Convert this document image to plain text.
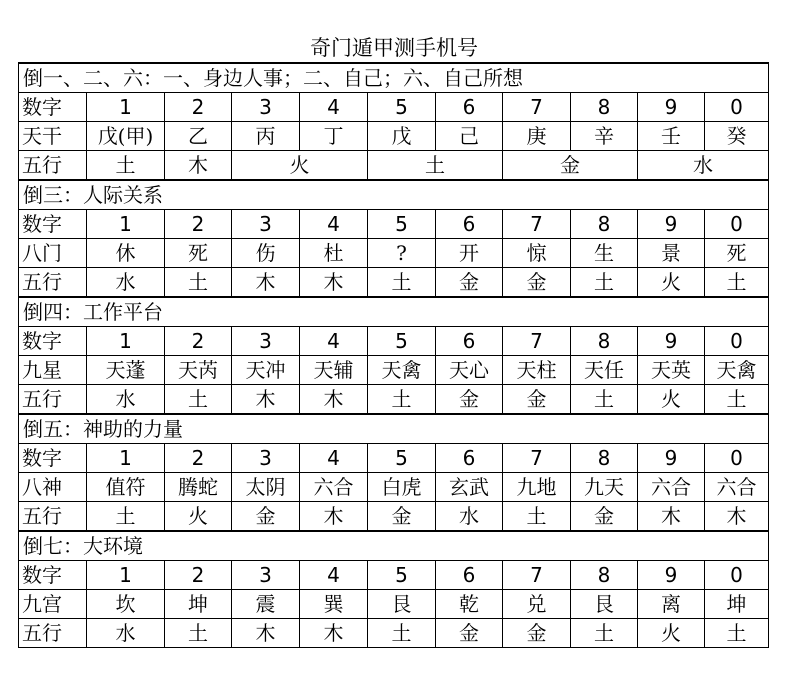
奇门遁甲测手机号
倒一、二、六：一、身边人事；二、自己；六、自己所想										
数字	1	2	3	4	5	6	7	8	9	0
天干	戊(甲)	乙	丙	丁	戊	己	庚	辛	壬	癸
五行	土	木	火		土		金		水	
倒三：人际关系										
数字	1	2	3	4	5	6	7	8	9	0
八门	休	死	伤	杜	?	开	惊	生	景	死
五行	水	土	木	木	土	金	金	土	火	土
倒四：工作平台										
数字	1	2	3	4	5	6	7	8	9	0
九星	天蓬	天芮	天冲	天辅	天禽	天心	天柱	天任	天英	天禽
五行	水	土	木	木	土	金	金	土	火	土
倒五：神助的力量										
数字	1	2	3	4	5	6	7	8	9	0
八神	值符	腾蛇	太阴	六合	白虎	玄武	九地	九天	六合	六合
五行	土	火	金	木	金	水	土	金	木	木
倒七：大环境										
数字	1	2	3	4	5	6	7	8	9	0
九宫	坎	坤	震	巽	艮	乾	兑	艮	离	坤
五行	水	土	木	木	土	金	金	土	火	土
